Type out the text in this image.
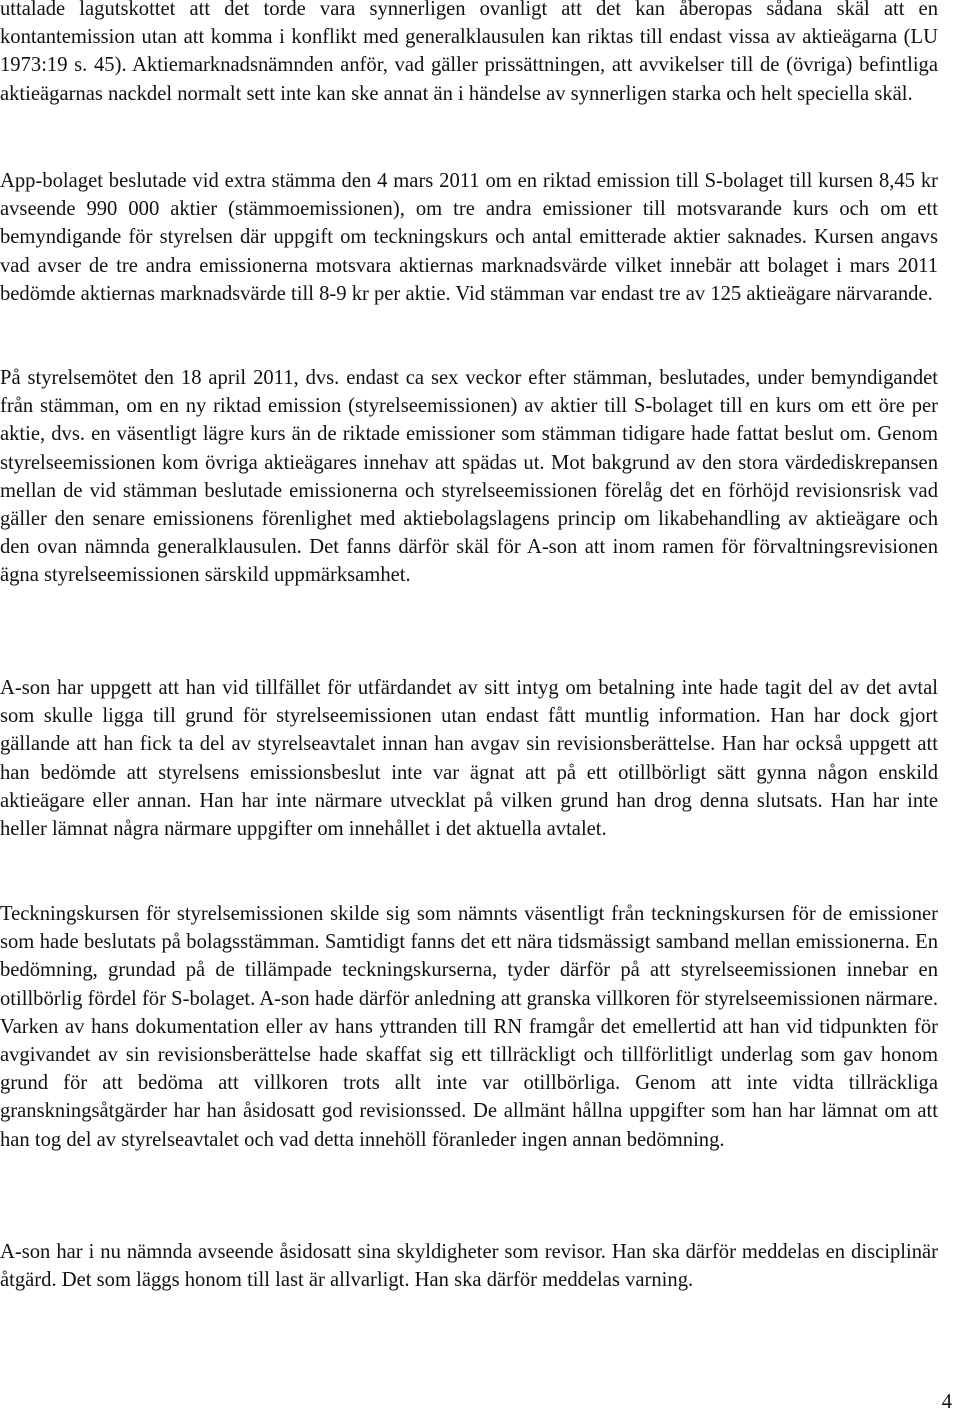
uttalade lagutskottet att det torde vara synnerligen ovanligt att det kan åberopas sådana skäl att en kontantemission utan att komma i konflikt med generalklausulen kan riktas till endast vissa av aktieägarna (LU 1973:19 s. 45). Aktiemarknadsnämnden anför, vad gäller prissättningen, att avvikelser till de (övriga) befintliga aktieägarnas nackdel normalt sett inte kan ske annat än i händelse av synnerligen starka och helt speciella skäl.

App-bolaget beslutade vid extra stämma den 4 mars 2011 om en riktad emission till S-bolaget till kursen 8,45 kr avseende 990 000 aktier (stämmoemissionen), om tre andra emissioner till motsvarande kurs och om ett bemyndigande för styrelsen där uppgift om teckningskurs och antal emitterade aktier saknades. Kursen angavs vad avser de tre andra emissionerna motsvara aktiernas marknadsvärde vilket innebär att bolaget i mars 2011 bedömde aktiernas marknadsvärde till 8-9 kr per aktie. Vid stämman var endast tre av 125 aktieägare närvarande.

På styrelsemötet den 18 april 2011, dvs. endast ca sex veckor efter stämman, beslutades, under bemyndigandet från stämman, om en ny riktad emission (styrelseemissionen) av aktier till S-bolaget till en kurs om ett öre per aktie, dvs. en väsentligt lägre kurs än de riktade emissioner som stämman tidigare hade fattat beslut om. Genom styrelseemissionen kom övriga aktieägares innehav att spädas ut. Mot bakgrund av den stora värdediskrepansen mellan de vid stämman beslutade emissionerna och styrelseemissionen förelåg det en förhöjd revisionsrisk vad gäller den senare emissionens förenlighet med aktiebolagslagens princip om likabehandling av aktieägare och den ovan nämnda generalklausulen. Det fanns därför skäl för A-son att inom ramen för förvaltningsrevisionen ägna styrelseemissionen särskild uppmärksamhet.

A-son har uppgett att han vid tillfället för utfärdandet av sitt intyg om betalning inte hade tagit del av det avtal som skulle ligga till grund för styrelseemissionen utan endast fått muntlig information. Han har dock gjort gällande att han fick ta del av styrelseavtalet innan han avgav sin revisionsberättelse. Han har också uppgett att han bedömde att styrelsens emissionsbeslut inte var ägnat att på ett otillbörligt sätt gynna någon enskild aktieägare eller annan. Han har inte närmare utvecklat på vilken grund han drog denna slutsats. Han har inte heller lämnat några närmare uppgifter om innehållet i det aktuella avtalet.

Teckningskursen för styrelsemissionen skilde sig som nämnts väsentligt från teckningskursen för de emissioner som hade beslutats på bolagsstämman. Samtidigt fanns det ett nära tidsmässigt samband mellan emissionerna. En bedömning, grundad på de tillämpade teckningskurserna, tyder därför på att styrelseemissionen innebar en otillbörlig fördel för S-bolaget. A-son hade därför anledning att granska villkoren för styrelseemissionen närmare. Varken av hans dokumentation eller av hans yttranden till RN framgår det emellertid att han vid tidpunkten för avgivandet av sin revisionsberättelse hade skaffat sig ett tillräckligt och tillförlitligt underlag som gav honom grund för att bedöma att villkoren trots allt inte var otillbörliga. Genom att inte vidta tillräckliga granskningsåtgärder har han åsidosatt god revisionssed. De allmänt hållna uppgifter som han har lämnat om att han tog del av styrelseavtalet och vad detta innehöll föranleder ingen annan bedömning.

A-son har i nu nämnda avseende åsidosatt sina skyldigheter som revisor. Han ska därför meddelas en disciplinär åtgärd. Det som läggs honom till last är allvarligt. Han ska därför meddelas varning.

4
